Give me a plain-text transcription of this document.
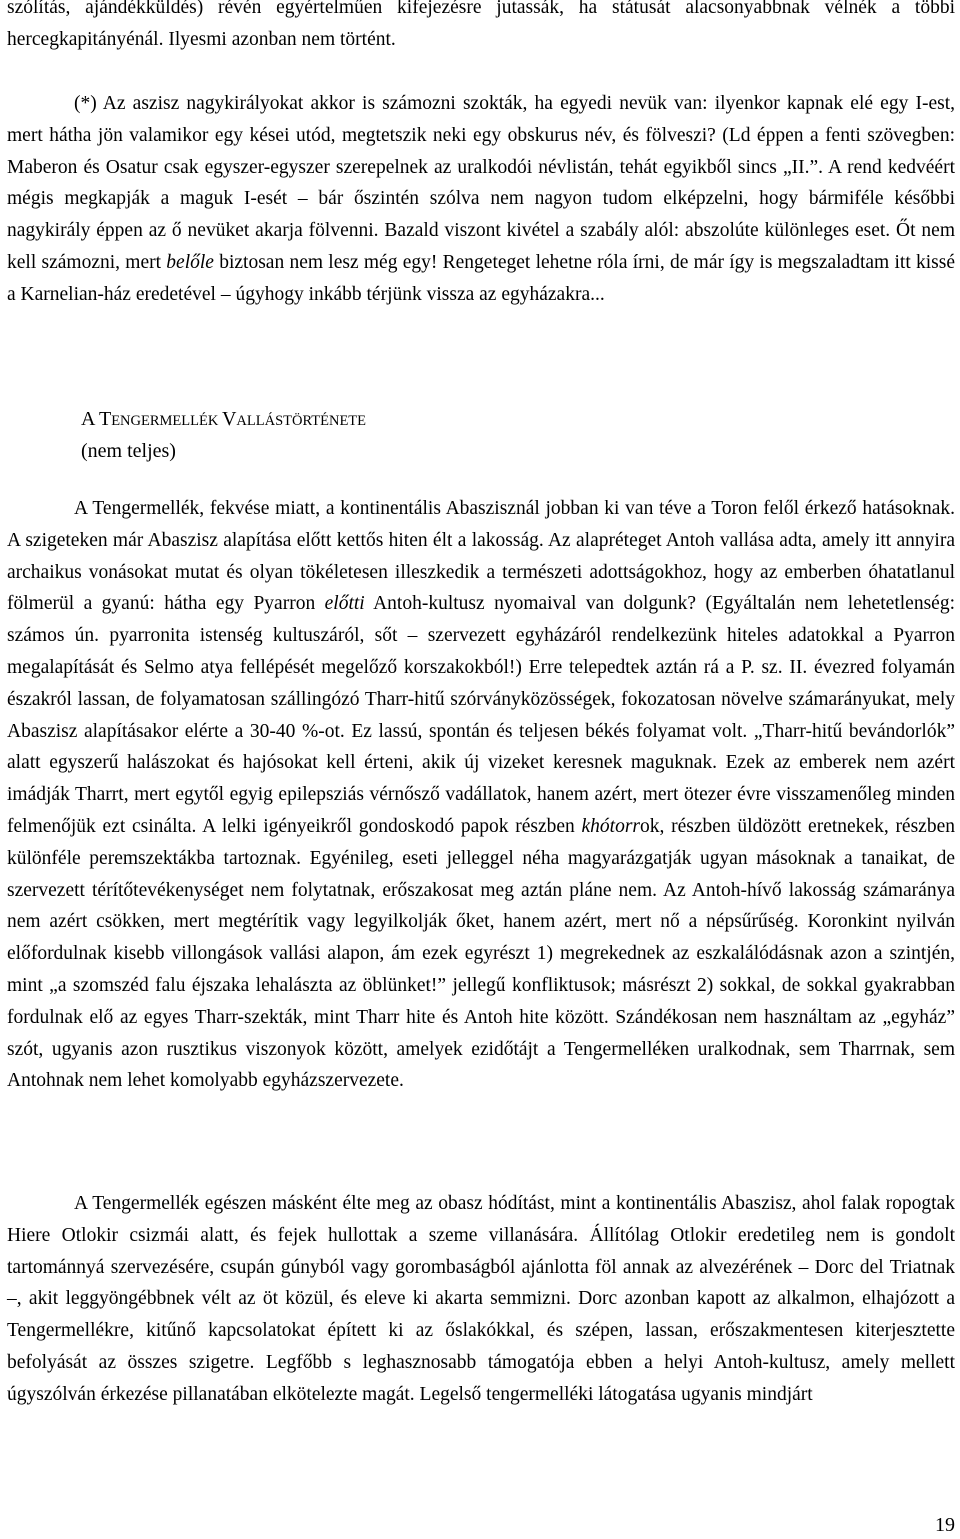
szólítás, ajándékküldés) révén egyértelműen kifejezésre jutassák, ha státusát alacsonyabbnak vélnék a többi hercegkapitányénál. Ilyesmi azonban nem történt.

(*) Az aszisz nagykirályokat akkor is számozni szokták, ha egyedi nevük van: ilyenkor kapnak elé egy I-est, mert hátha jön valamikor egy kései utód, megtetszik neki egy obskurus név, és fölveszi? (Ld éppen a fenti szövegben: Maberon és Osatur csak egyszer-egyszer szerepelnek az uralkodói névlistán, tehát egyikből sincs „II.”. A rend kedvéért mégis megkapják a maguk I-esét – bár őszintén szólva nem nagyon tudom elképzelni, hogy bármiféle későbbi nagykirály éppen az ő nevüket akarja fölvenni. Bazald viszont kivétel a szabály alól: abszolúte különleges eset. Őt nem kell számozni, mert belőle biztosan nem lesz még egy! Rengeteget lehetne róla írni, de már így is megszaladtam itt kissé a Karnelian-ház eredetével – úgyhogy inkább térjünk vissza az egyházakra...

A TENGERMELLÉK VALLÁSTÖRTÉNETE
(nem teljes)

A Tengermellék, fekvése miatt, a kontinentális Abaszisznál jobban ki van téve a Toron felől érkező hatásoknak. A szigeteken már Abaszisz alapítása előtt kettős hiten élt a lakosság. Az alapréteget Antoh vallása adta, amely itt annyira archaikus vonásokat mutat és olyan tökéletesen illeszkedik a természeti adottságokhoz, hogy az emberben óhatatlanul fölmerül a gyanú: hátha egy Pyarron előtti Antoh-kultusz nyomaival van dolgunk? (Egyáltalán nem lehetetlenség: számos ún. pyarronita istenség kultuszáról, sőt – szervezett egyházáról rendelkezünk hiteles adatokkal a Pyarron megalapítását és Selmo atya fellépését megelőző korszakokból!) Erre telepedtek aztán rá a P. sz. II. évezred folyamán északról lassan, de folyamatosan szállingózó Tharr-hitű szórványközösségek, fokozatosan növelve számarányukat, mely Abaszisz alapításakor elérte a 30-40 %-ot. Ez lassú, spontán és teljesen békés folyamat volt. „Tharr-hitű bevándorlók” alatt egyszerű halászokat és hajósokat kell érteni, akik új vizeket keresnek maguknak. Ezek az emberek nem azért imádják Tharrt, mert egytől egyig epilepsziás vérnősző vadállatok, hanem azért, mert ötezer évre visszamenőleg minden felmenőjük ezt csinálta. A lelki igényeikről gondoskodó papok részben khótorrok, részben üldözött eretnekek, részben különféle peremszektákba tartoznak. Egyénileg, eseti jelleggel néha magyarázgatják ugyan másoknak a tanaikat, de szervezett térítőtevékenységet nem folytatnak, erőszakosat meg aztán pláne nem. Az Antoh-hívő lakosság számaránya nem azért csökken, mert megtérítik vagy legyilkolják őket, hanem azért, mert nő a népsűrűség. Koronkint nyilván előfordulnak kisebb villongások vallási alapon, ám ezek egyrészt 1) megrekednek az eszkalálódásnak azon a szintjén, mint „a szomszéd falu éjszaka lehalászta az öblünket!” jellegű konfliktusok; másrészt 2) sokkal, de sokkal gyakrabban fordulnak elő az egyes Tharr-szekták, mint Tharr hite és Antoh hite között. Szándékosan nem használtam az „egyház” szót, ugyanis azon rusztikus viszonyok között, amelyek ezidőtájt a Tengermelléken uralkodnak, sem Tharrnak, sem Antohnak nem lehet komolyabb egyházszervezete.

A Tengermellék egészen másként élte meg az obasz hódítást, mint a kontinentális Abaszisz, ahol falak ropogtak Hiere Otlokir csizmái alatt, és fejek hullottak a szeme villanására. Állítólag Otlokir eredetileg nem is gondolt tartománnyá szervezésére, csupán gúnyból vagy gorombaságból ajánlotta föl annak az alvezérének – Dorc del Triatnak –, akit leggyöngébbnek vélt az öt közül, és eleve ki akarta semmizni. Dorc azonban kapott az alkalmon, elhajózott a Tengermellékre, kitűnő kapcsolatokat épített ki az őslakókkal, és szépen, lassan, erőszakmentesen kiterjesztette befolyását az összes szigetre. Legfőbb s leghasznosabb támogatója ebben a helyi Antoh-kultusz, amely mellett úgyszólván érkezése pillanatában elkötelezte magát. Legelső tengermelléki látogatása ugyanis mindjárt

19
